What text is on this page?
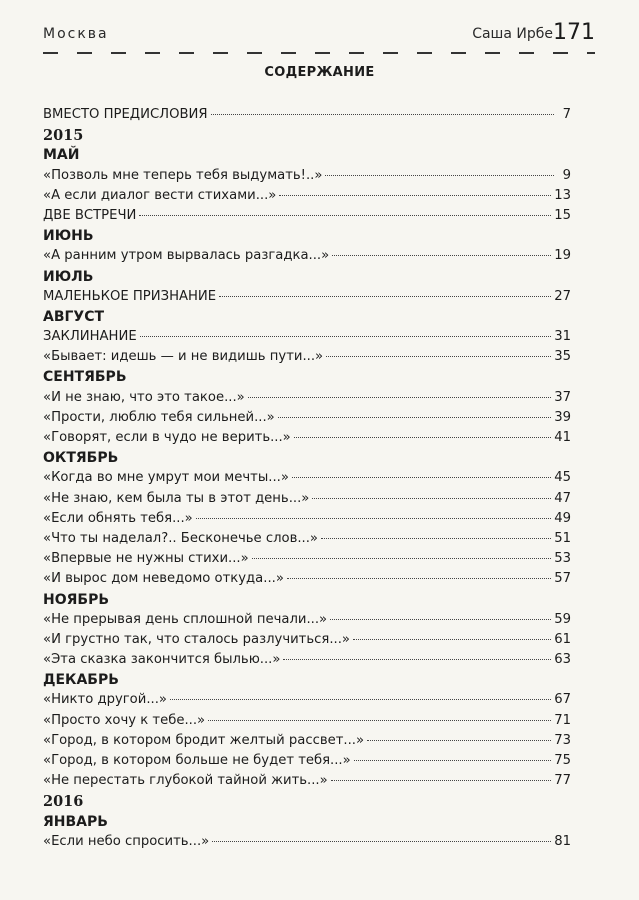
Москва	Саша Ирбе 171
СОДЕРЖАНИЕ
ВМЕСТО ПРЕДИСЛОВИЯ	7
2015
МАЙ
«Позволь мне теперь тебя выдумать!..»	9
«А если диалог вести стихами...»	13
ДВЕ ВСТРЕЧИ	15
ИЮНЬ
«А ранним утром вырвалась разгадка...»	19
ИЮЛЬ
МАЛЕНЬКОЕ ПРИЗНАНИЕ	27
АВГУСТ
ЗАКЛИНАНИЕ	31
«Бывает: идешь — и не видишь пути...»	35
СЕНТЯБРЬ
«И не знаю, что это такое...»	37
«Прости, люблю тебя сильней...»	39
«Говорят, если в чудо не верить...»	41
ОКТЯБРЬ
«Когда во мне умрут мои мечты...»	45
«Не знаю, кем была ты в этот день...»	47
«Если обнять тебя...»	49
«Что ты наделал?.. Бесконечье слов...»	51
«Впервые не нужны стихи...»	53
«И вырос дом неведомо откуда...»	57
НОЯБРЬ
«Не прерывая день сплошной печали...»	59
«И грустно так, что сталось разлучиться...»	61
«Эта сказка закончится былью...»	63
ДЕКАБРЬ
«Никто другой...»	67
«Просто хочу к тебе...»	71
«Город, в котором бродит желтый рассвет...»	73
«Город, в котором больше не будет тебя...»	75
«Не перестать глубокой тайной жить...»	77
2016
ЯНВАРЬ
«Если небо спросить...»	81
